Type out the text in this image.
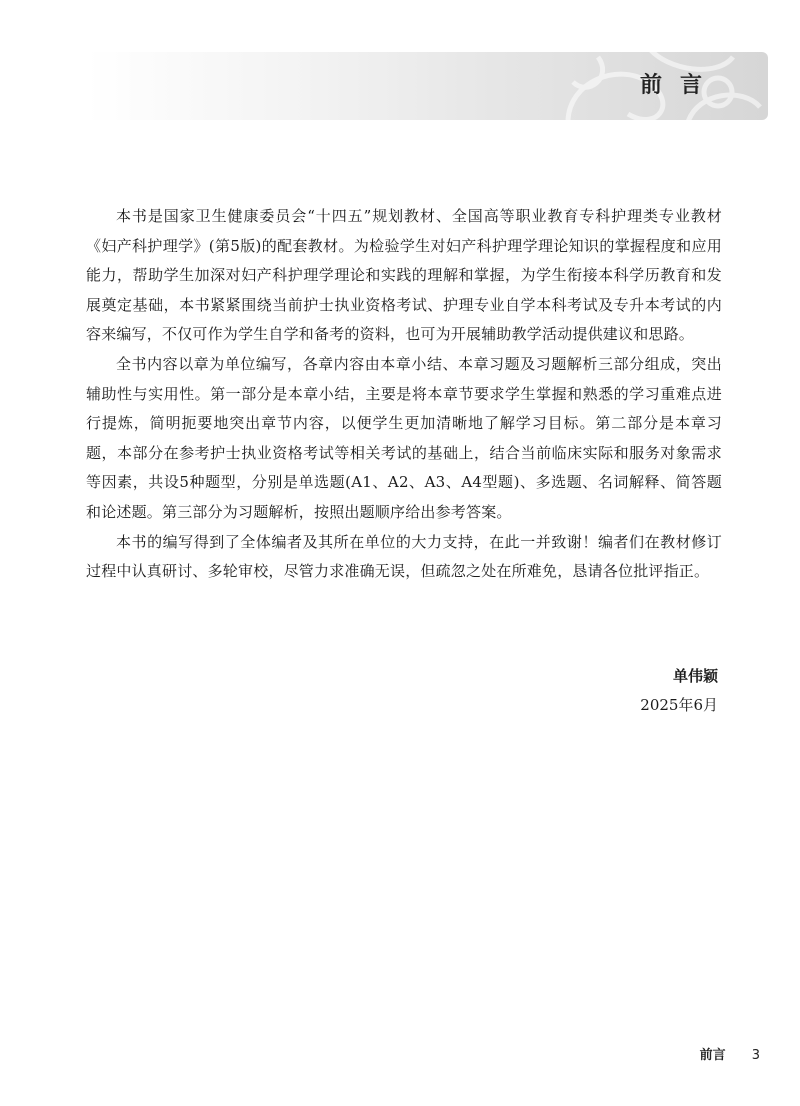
前言

本书是国家卫生健康委员会“十四五”规划教材、全国高等职业教育专科护理类专业教材《妇产科护理学》(第5版)的配套教材。为检验学生对妇产科护理学理论知识的掌握程度和应用能力，帮助学生加深对妇产科护理学理论和实践的理解和掌握，为学生衔接本科学历教育和发展奠定基础，本书紧紧围绕当前护士执业资格考试、护理专业自学本科考试及专升本考试的内容来编写，不仅可作为学生自学和备考的资料，也可为开展辅助教学活动提供建议和思路。

全书内容以章为单位编写，各章内容由本章小结、本章习题及习题解析三部分组成，突出辅助性与实用性。第一部分是本章小结，主要是将本章节要求学生掌握和熟悉的学习重难点进行提炼，简明扼要地突出章节内容，以便学生更加清晰地了解学习目标。第二部分是本章习题，本部分在参考护士执业资格考试等相关考试的基础上，结合当前临床实际和服务对象需求等因素，共设5种题型，分别是单选题(A1、A2、A3、A4型题)、多选题、名词解释、简答题和论述题。第三部分为习题解析，按照出题顺序给出参考答案。

本书的编写得到了全体编者及其所在单位的大力支持，在此一并致谢！编者们在教材修订过程中认真研讨、多轮审校，尽管力求准确无误，但疏忽之处在所难免，恳请各位批评指正。

单伟颖
2025年6月
前言 3
